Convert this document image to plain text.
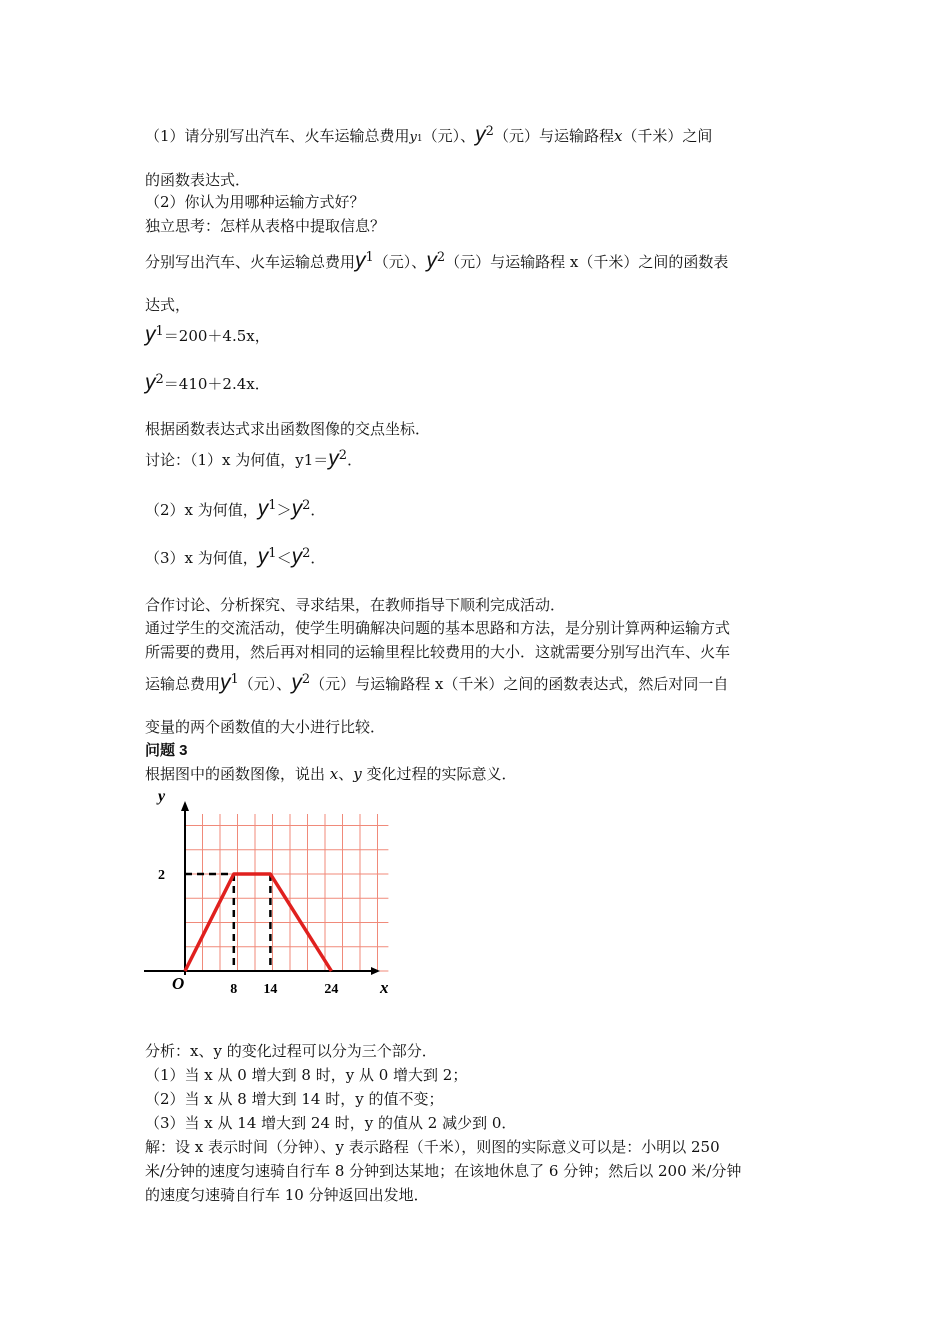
（1）请分别写出汽车、火车运输总费用y1（元）、y2（元）与运输路程x（千米）之间
的函数表达式．
（2）你认为用哪种运输方式好？
独立思考：怎样从表格中提取信息？
分别写出汽车、火车运输总费用y1（元）、y2（元）与运输路程 x（千米）之间的函数表
达式，
y1＝200＋4.5x，
y2＝410＋2.4x．
根据函数表达式求出函数图像的交点坐标．
讨论：（1）x 为何值，y1＝y2．
（2）x 为何值，y1＞y2．
（3）x 为何值，y1＜y2．
合作讨论、分析探究、寻求结果，在教师指导下顺利完成活动．
通过学生的交流活动，使学生明确解决问题的基本思路和方法，是分别计算两种运输方式
所需要的费用，然后再对相同的运输里程比较费用的大小．这就需要分别写出汽车、火车
运输总费用y1（元）、y2（元）与运输路程 x（千米）之间的函数表达式，然后对同一自
变量的两个函数值的大小进行比较．
问题 3
根据图中的函数图像，说出 x、y 变化过程的实际意义．
y
x
O
2
8 14	24
分析：x、y 的变化过程可以分为三个部分．
（1）当 x 从 0 增大到 8 时，y 从 0 增大到 2；
（2）当 x 从 8 增大到 14 时，y 的值不变；
（3）当 x 从 14 增大到 24 时，y 的值从 2 减少到 0．
解：设 x 表示时间（分钟）、y 表示路程（千米），则图的实际意义可以是：小明以 250
米/分钟的速度匀速骑自行车 8 分钟到达某地；在该地休息了 6 分钟；然后以 200 米/分钟
的速度匀速骑自行车 10 分钟返回出发地．
